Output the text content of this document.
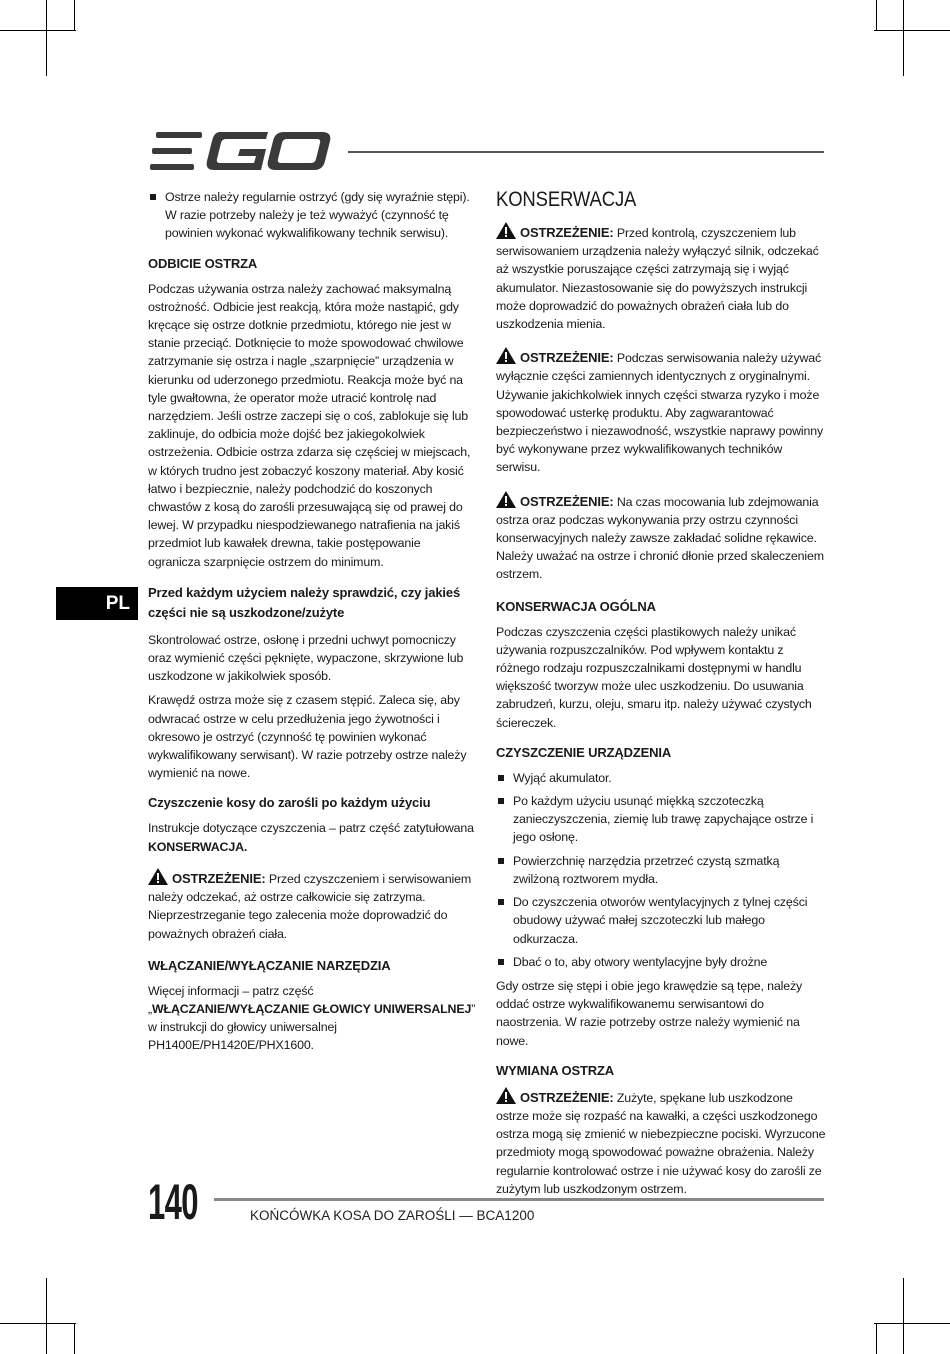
PL
Ostrze należy regularnie ostrzyć (gdy się wyraźnie stępi). W razie potrzeby należy je też wyważyć (czynność tę powinien wykonać wykwalifikowany technik serwisu).
ODBICIE OSTRZA

Podczas używania ostrza należy zachować maksymalną ostrożność. Odbicie jest reakcją, która może nastąpić, gdy kręcące się ostrze dotknie przedmiotu, którego nie jest w stanie przeciąć. Dotknięcie to może spowodować chwilowe zatrzymanie się ostrza i nagle „szarpnięcie” urządzenia w kierunku od uderzonego przedmiotu. Reakcja może być na tyle gwałtowna, że operator może utracić kontrolę nad narzędziem. Jeśli ostrze zaczepi się o coś, zablokuje się lub zaklinuje, do odbicia może dojść bez jakiegokolwiek ostrzeżenia. Odbicie ostrza zdarza się częściej w miejscach, w których trudno jest zobaczyć koszony materiał. Aby kosić łatwo i bezpiecznie, należy podchodzić do koszonych chwastów z kosą do zarośli przesuwającą się od prawej do lewej. W przypadku niespodziewanego natrafienia na jakiś przedmiot lub kawałek drewna, takie postępowanie ogranicza szarpnięcie ostrzem do minimum.

Przed każdym użyciem należy sprawdzić, czy jakieś części nie są uszkodzone/zużyte

Skontrolować ostrze, osłonę i przedni uchwyt pomocniczy oraz wymienić części pęknięte, wypaczone, skrzywione lub uszkodzone w jakikolwiek sposób.

Krawędź ostrza może się z czasem stępić. Zaleca się, aby odwracać ostrze w celu przedłużenia jego żywotności i okresowo je ostrzyć (czynność tę powinien wykonać wykwalifikowany serwisant). W razie potrzeby ostrze należy wymienić na nowe.

Czyszczenie kosy do zarośli po każdym użyciu

Instrukcje dotyczące czyszczenia – patrz część zatytułowana KONSERWACJA.

OSTRZEŻENIE: Przed czyszczeniem i serwisowaniem należy odczekać, aż ostrze całkowicie się zatrzyma. Nieprzestrzeganie tego zalecenia może doprowadzić do poważnych obrażeń ciała.
WŁĄCZANIE/WYŁĄCZANIE NARZĘDZIA

Więcej informacji – patrz część „WŁĄCZANIE/WYŁĄCZANIE GŁOWICY UNIWERSALNEJ” w instrukcji do głowicy uniwersalnej PH1400E/PH1420E/PHX1600.

KONSERWACJA
OSTRZEŻENIE: Przed kontrolą, czyszczeniem lub serwisowaniem urządzenia należy wyłączyć silnik, odczekać aż wszystkie poruszające części zatrzymają się i wyjąć akumulator. Niezastosowanie się do powyższych instrukcji może doprowadzić do poważnych obrażeń ciała lub do uszkodzenia mienia.
OSTRZEŻENIE: Podczas serwisowania należy używać wyłącznie części zamiennych identycznych z oryginalnymi. Używanie jakichkolwiek innych części stwarza ryzyko i może spowodować usterkę produktu. Aby zagwarantować bezpieczeństwo i niezawodność, wszystkie naprawy powinny być wykonywane przez wykwalifikowanych techników serwisu.
OSTRZEŻENIE: Na czas mocowania lub zdejmowania ostrza oraz podczas wykonywania przy ostrzu czynności konserwacyjnych należy zawsze zakładać solidne rękawice. Należy uważać na ostrze i chronić dłonie przed skaleczeniem ostrzem.
KONSERWACJA OGÓLNA

Podczas czyszczenia części plastikowych należy unikać używania rozpuszczalników. Pod wpływem kontaktu z różnego rodzaju rozpuszczalnikami dostępnymi w handlu większość tworzyw może ulec uszkodzeniu. Do usuwania zabrudzeń, kurzu, oleju, smaru itp. należy używać czystych ściereczek.

CZYSZCZENIE URZĄDZENIA
Wyjąć akumulator.
Po każdym użyciu usunąć miękką szczoteczką zanieczyszczenia, ziemię lub trawę zapychające ostrze i jego osłonę.
Powierzchnię narzędzia przetrzeć czystą szmatką zwilżoną roztworem mydła.
Do czyszczenia otworów wentylacyjnych z tylnej części obudowy używać małej szczoteczki lub małego odkurzacza.
Dbać o to, aby otwory wentylacyjne były drożne

Gdy ostrze się stępi i obie jego krawędzie są tępe, należy oddać ostrze wykwalifikowanemu serwisantowi do naostrzenia. W razie potrzeby ostrze należy wymienić na nowe.

WYMIANA OSTRZA
OSTRZEŻENIE: Zużyte, spękane lub uszkodzone ostrze może się rozpaść na kawałki, a części uszkodzonego ostrza mogą się zmienić w niebezpieczne pociski. Wyrzucone przedmioty mogą spowodować poważne obrażenia. Należy regularnie kontrolować ostrze i nie używać kosy do zarośli ze zużytym lub uszkodzonym ostrzem.
140	KOŃCÓWKA KOSA DO ZAROŚLI — BCA1200
